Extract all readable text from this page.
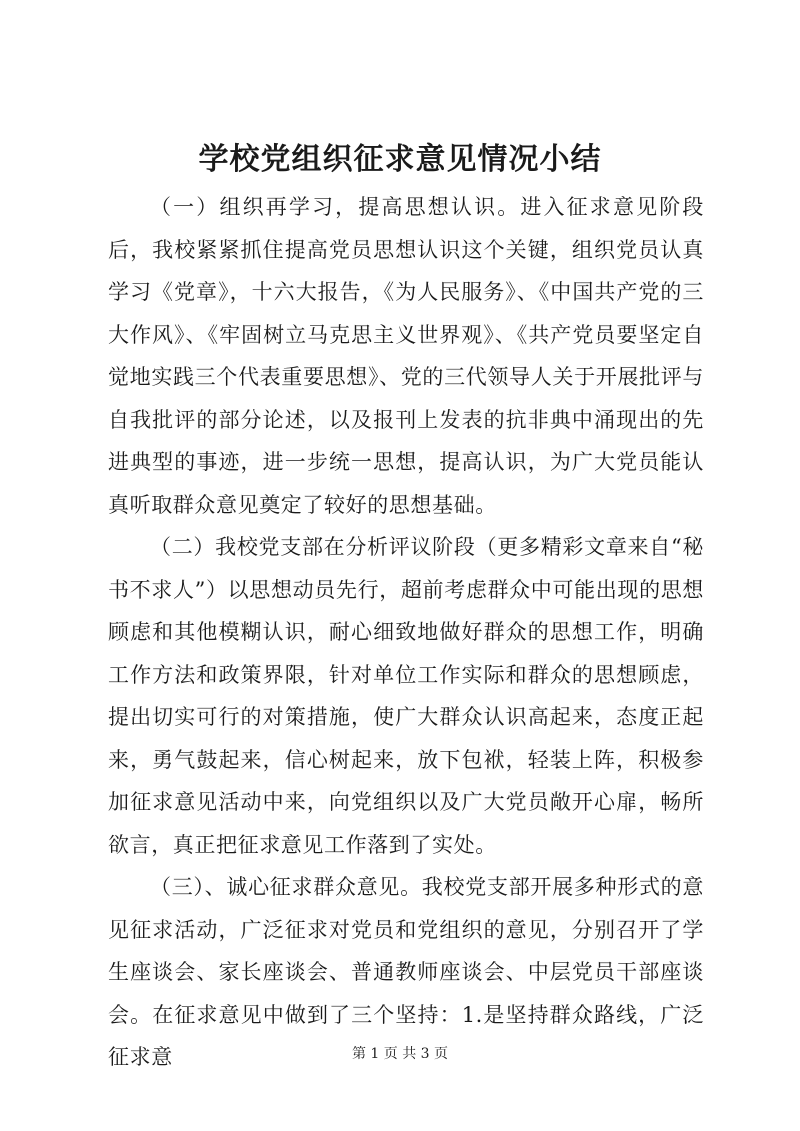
学校党组织征求意见情况小结

（一）组织再学习，提高思想认识。进入征求意见阶段后，我校紧紧抓住提高党员思想认识这个关键，组织党员认真学习《党章》，十六大报告，《为人民服务》、《中国共产党的三大作风》、《牢固树立马克思主义世界观》、《共产党员要坚定自觉地实践三个代表重要思想》、党的三代领导人关于开展批评与自我批评的部分论述，以及报刊上发表的抗非典中涌现出的先进典型的事迹，进一步统一思想，提高认识，为广大党员能认真听取群众意见奠定了较好的思想基础。

（二）我校党支部在分析评议阶段（更多精彩文章来自“秘书不求人”）以思想动员先行，超前考虑群众中可能出现的思想顾虑和其他模糊认识，耐心细致地做好群众的思想工作，明确工作方法和政策界限，针对单位工作实际和群众的思想顾虑，提出切实可行的对策措施，使广大群众认识高起来，态度正起来，勇气鼓起来，信心树起来，放下包袱，轻装上阵，积极参加征求意见活动中来，向党组织以及广大党员敞开心扉，畅所欲言，真正把征求意见工作落到了实处。

（三）、诚心征求群众意见。我校党支部开展多种形式的意见征求活动，广泛征求对党员和党组织的意见，分别召开了学生座谈会、家长座谈会、普通教师座谈会、中层党员干部座谈会。在征求意见中做到了三个坚持：1.是坚持群众路线，广泛征求意	第 1 页 共 3 页
